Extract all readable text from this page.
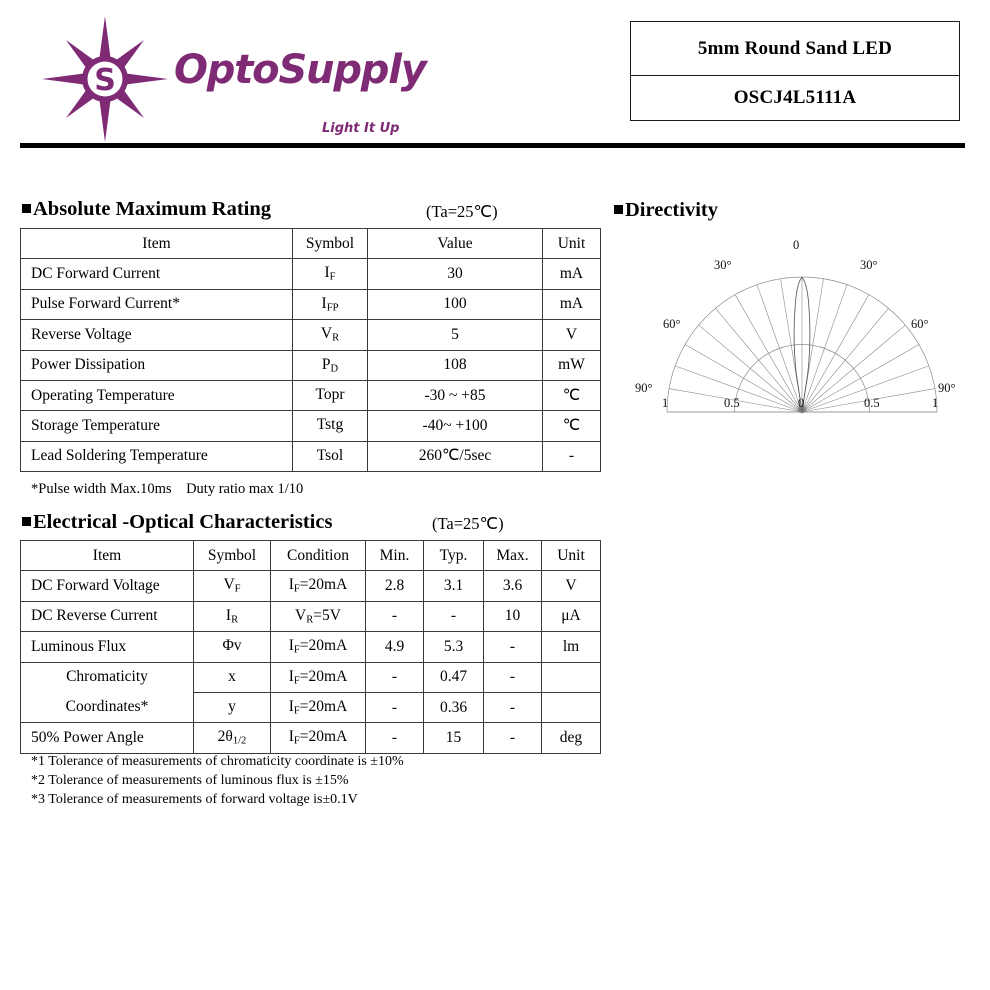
S OptoSupply
Light It Up
5mm Round Sand LED
OSCJ4L5111A
Absolute Maximum Rating	(Ta=25℃)
Item	Symbol	Value	Unit
DC Forward Current	$I_F$	30	mA
Pulse Forward Current*	$I_{FP}$	100	mA
Reverse Voltage	$V_R$	5	V
Power Dissipation	$P_D$	108	mW
Operating Temperature	Topr	-30 ~ +85	℃
Storage Temperature	Tstg	-40~ +100	℃
Lead Soldering Temperature	Tsol	260℃/5sec	-
*Pulse width Max.10ms Duty ratio max 1/10
Electrical -Optical Characteristics	(Ta=25℃)
Item	Symbol	Condition	Min.	Typ.	Max.	Unit
DC Forward Voltage	$V_F$	$I_F=20mA$	2.8	3.1	3.6	V
DC Reverse Current	$I_R$	$V_R=5V$	-	-	10	μA
Luminous Flux	Φv	$I_F=20mA$	4.9	5.3	-	lm
Chromaticity	x	$I_F=20mA$	-	0.47	-	
Coordinates*	y	$I_F=20mA$	-	0.36	-	
50% Power Angle	$2\theta_{1/2}$	$I_F=20mA$	-	15	-	deg
*1 Tolerance of measurements of chromaticity coordinate is ±10%
*2 Tolerance of measurements of luminous flux is ±15%
*3 Tolerance of measurements of forward voltage is±0.1V
Directivity
0
30°	30°
60°	60°
90°	90°
1	0.5	0	0.5	1
